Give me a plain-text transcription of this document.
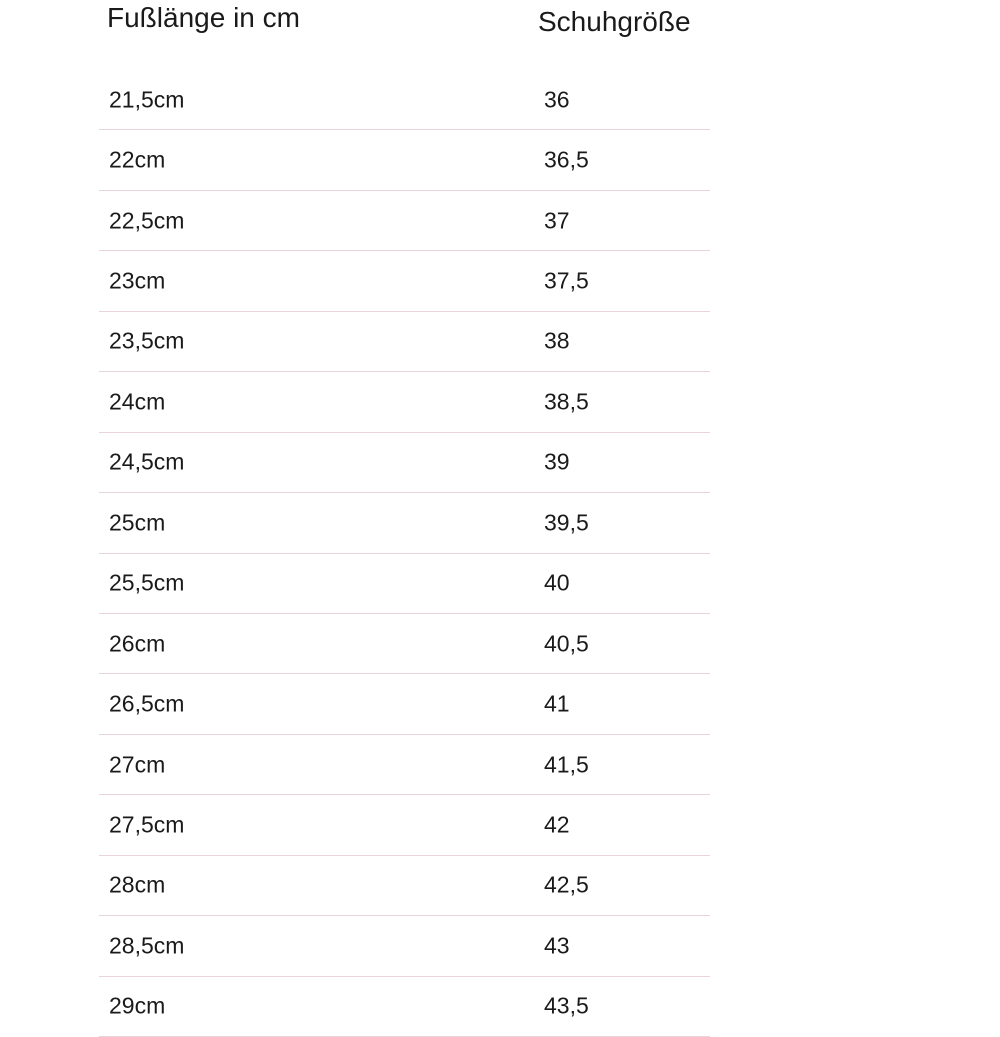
Fußlänge in cm	Schuhgröße
21,5cm	36
22cm	36,5
22,5cm	37
23cm	37,5
23,5cm	38
24cm	38,5
24,5cm	39
25cm	39,5
25,5cm	40
26cm	40,5
26,5cm	41
27cm	41,5
27,5cm	42
28cm	42,5
28,5cm	43
29cm	43,5
